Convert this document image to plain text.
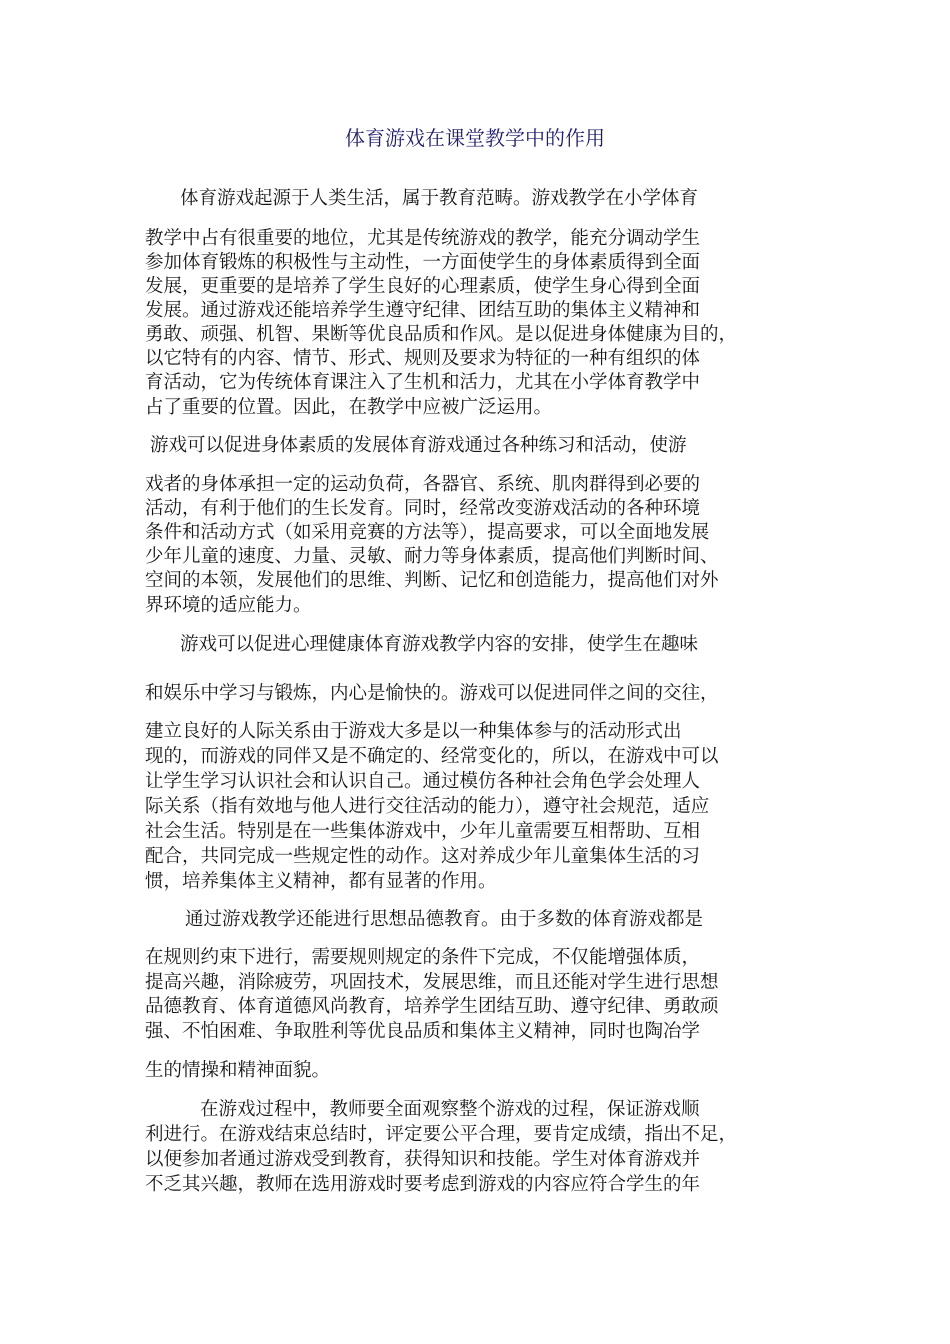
体育游戏在课堂教学中的作用
体育游戏起源于人类生活，属于教育范畴。游戏教学在小学体育
教学中占有很重要的地位，尤其是传统游戏的教学，能充分调动学生
参加体育锻炼的积极性与主动性，一方面使学生的身体素质得到全面
发展，更重要的是培养了学生良好的心理素质，使学生身心得到全面
发展。通过游戏还能培养学生遵守纪律、团结互助的集体主义精神和
勇敢、顽强、机智、果断等优良品质和作风。是以促进身体健康为目的，
以它特有的内容、情节、形式、规则及要求为特征的一种有组织的体
育活动，它为传统体育课注入了生机和活力，尤其在小学体育教学中
占了重要的位置。因此，在教学中应被广泛运用。
游戏可以促进身体素质的发展体育游戏通过各种练习和活动，使游
戏者的身体承担一定的运动负荷，各器官、系统、肌肉群得到必要的
活动，有利于他们的生长发育。同时，经常改变游戏活动的各种环境
条件和活动方式（如采用竞赛的方法等），提高要求，可以全面地发展
少年儿童的速度、力量、灵敏、耐力等身体素质，提高他们判断时间、
空间的本领，发展他们的思维、判断、记忆和创造能力，提高他们对外
界环境的适应能力。
游戏可以促进心理健康体育游戏教学内容的安排，使学生在趣味
和娱乐中学习与锻炼，内心是愉快的。游戏可以促进同伴之间的交往，
建立良好的人际关系由于游戏大多是以一种集体参与的活动形式出
现的，而游戏的同伴又是不确定的、经常变化的，所以，在游戏中可以
让学生学习认识社会和认识自己。通过模仿各种社会角色学会处理人
际关系（指有效地与他人进行交往活动的能力），遵守社会规范，适应
社会生活。特别是在一些集体游戏中，少年儿童需要互相帮助、互相
配合，共同完成一些规定性的动作。这对养成少年儿童集体生活的习
惯，培养集体主义精神，都有显著的作用。
通过游戏教学还能进行思想品德教育。由于多数的体育游戏都是
在规则约束下进行，需要规则规定的条件下完成，不仅能增强体质，
提高兴趣，消除疲劳，巩固技术，发展思维，而且还能对学生进行思想
品德教育、体育道德风尚教育，培养学生团结互助、遵守纪律、勇敢顽
强、不怕困难、争取胜利等优良品质和集体主义精神，同时也陶冶学
生的情操和精神面貌。
在游戏过程中，教师要全面观察整个游戏的过程，保证游戏顺
利进行。在游戏结束总结时，评定要公平合理，要肯定成绩，指出不足，
以便参加者通过游戏受到教育，获得知识和技能。学生对体育游戏并
不乏其兴趣，教师在选用游戏时要考虑到游戏的内容应符合学生的年
